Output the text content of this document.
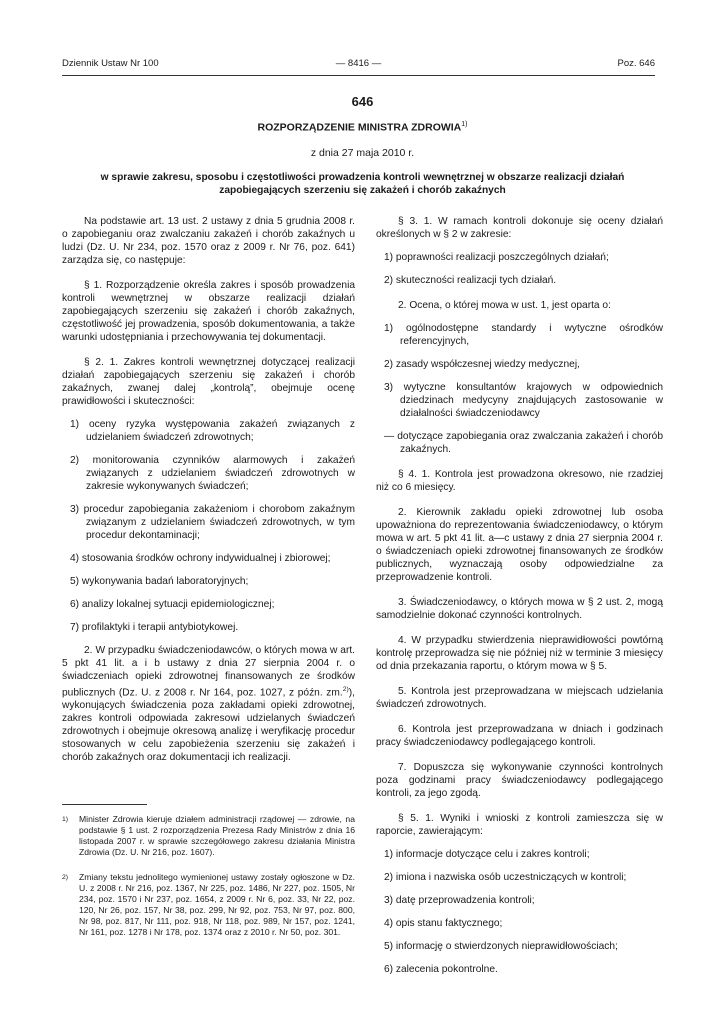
Dziennik Ustaw Nr 100	— 8416 —	Poz. 646
646
ROZPORZĄDZENIE MINISTRA ZDROWIA$^{1)}$
z dnia 27 maja 2010 r.
w sprawie zakresu, sposobu i częstotliwości prowadzenia kontroli wewnętrznej w obszarze realizacji działań zapobiegających szerzeniu się zakażeń i chorób zakaźnych

Na podstawie art. 13 ust. 2 ustawy z dnia 5 grudnia 2008 r. o zapobieganiu oraz zwalczaniu zakażeń i chorób zakaźnych u ludzi (Dz. U. Nr 234, poz. 1570 oraz z 2009 r. Nr 76, poz. 641) zarządza się, co następuje:

§ 1. Rozporządzenie określa zakres i sposób prowadzenia kontroli wewnętrznej w obszarze realizacji działań zapobiegających szerzeniu się zakażeń i chorób zakaźnych, częstotliwość jej prowadzenia, sposób dokumentowania, a także warunki udostępniania i przechowywania tej dokumentacji.

§ 2. 1. Zakres kontroli wewnętrznej dotyczącej realizacji działań zapobiegających szerzeniu się zakażeń i chorób zakaźnych, zwanej dalej „kontrolą”, obejmuje ocenę prawidłowości i skuteczności:

1) oceny ryzyka występowania zakażeń związanych z udzielaniem świadczeń zdrowotnych;
2) monitorowania czynników alarmowych i zakażeń związanych z udzielaniem świadczeń zdrowotnych w zakresie wykonywanych świadczeń;
3) procedur zapobiegania zakażeniom i chorobom zakaźnym związanym z udzielaniem świadczeń zdrowotnych, w tym procedur dekontaminacji;
4) stosowania środków ochrony indywidualnej i zbiorowej;
5) wykonywania badań laboratoryjnych;
6) analizy lokalnej sytuacji epidemiologicznej;
7) profilaktyki i terapii antybiotykowej.

2. W przypadku świadczeniodawców, o których mowa w art. 5 pkt 41 lit. a i b ustawy z dnia 27 sierpnia 2004 r. o świadczeniach opieki zdrowotnej finansowanych ze środków publicznych (Dz. U. z 2008 r. Nr 164, poz. 1027, z późn. zm.$^{2)}$), wykonujących świadczenia poza zakładami opieki zdrowotnej, zakres kontroli odpowiada zakresowi udzielanych świadczeń zdrowotnych i obejmuje okresową analizę i weryfikację procedur stosowanych w celu zapobieżenia szerzeniu się zakażeń i chorób zakaźnych oraz dokumentacji ich realizacji.

1) Minister Zdrowia kieruje działem administracji rządowej — zdrowie, na podstawie § 1 ust. 2 rozporządzenia Prezesa Rady Ministrów z dnia 16 listopada 2007 r. w sprawie szczegółowego zakresu działania Ministra Zdrowia (Dz. U. Nr 216, poz. 1607).
2) Zmiany tekstu jednolitego wymienionej ustawy zostały ogłoszone w Dz. U. z 2008 r. Nr 216, poz. 1367, Nr 225, poz. 1486, Nr 227, poz. 1505, Nr 234, poz. 1570 i Nr 237, poz. 1654, z 2009 r. Nr 6, poz. 33, Nr 22, poz. 120, Nr 26, poz. 157, Nr 38, poz. 299, Nr 92, poz. 753, Nr 97, poz. 800, Nr 98, poz. 817, Nr 111, poz. 918, Nr 118, poz. 989, Nr 157, poz. 1241, Nr 161, poz. 1278 i Nr 178, poz. 1374 oraz z 2010 r. Nr 50, poz. 301.

§ 3. 1. W ramach kontroli dokonuje się oceny działań określonych w § 2 w zakresie:

1) poprawności realizacji poszczególnych działań;
2) skuteczności realizacji tych działań.

2. Ocena, o której mowa w ust. 1, jest oparta o:

1) ogólnodostępne standardy i wytyczne ośrodków referencyjnych,
2) zasady współczesnej wiedzy medycznej,
3) wytyczne konsultantów krajowych w odpowiednich dziedzinach medycyny znajdujących zastosowanie w działalności świadczeniodawcy
— dotyczące zapobiegania oraz zwalczania zakażeń i chorób zakaźnych.

§ 4. 1. Kontrola jest prowadzona okresowo, nie rzadziej niż co 6 miesięcy.

2. Kierownik zakładu opieki zdrowotnej lub osoba upoważniona do reprezentowania świadczeniodawcy, o którym mowa w art. 5 pkt 41 lit. a—c ustawy z dnia 27 sierpnia 2004 r. o świadczeniach opieki zdrowotnej finansowanych ze środków publicznych, wyznaczają osoby odpowiedzialne za przeprowadzenie kontroli.

3. Świadczeniodawcy, o których mowa w § 2 ust. 2, mogą samodzielnie dokonać czynności kontrolnych.

4. W przypadku stwierdzenia nieprawidłowości powtórną kontrolę przeprowadza się nie później niż w terminie 3 miesięcy od dnia przekazania raportu, o którym mowa w § 5.

5. Kontrola jest przeprowadzana w miejscach udzielania świadczeń zdrowotnych.

6. Kontrola jest przeprowadzana w dniach i godzinach pracy świadczeniodawcy podlegającego kontroli.

7. Dopuszcza się wykonywanie czynności kontrolnych poza godzinami pracy świadczeniodawcy podlegającego kontroli, za jego zgodą.

§ 5. 1. Wyniki i wnioski z kontroli zamieszcza się w raporcie, zawierającym:

1) informacje dotyczące celu i zakres kontroli;
2) imiona i nazwiska osób uczestniczących w kontroli;
3) datę przeprowadzenia kontroli;
4) opis stanu faktycznego;
5) informację o stwierdzonych nieprawidłowościach;
6) zalecenia pokontrolne.
